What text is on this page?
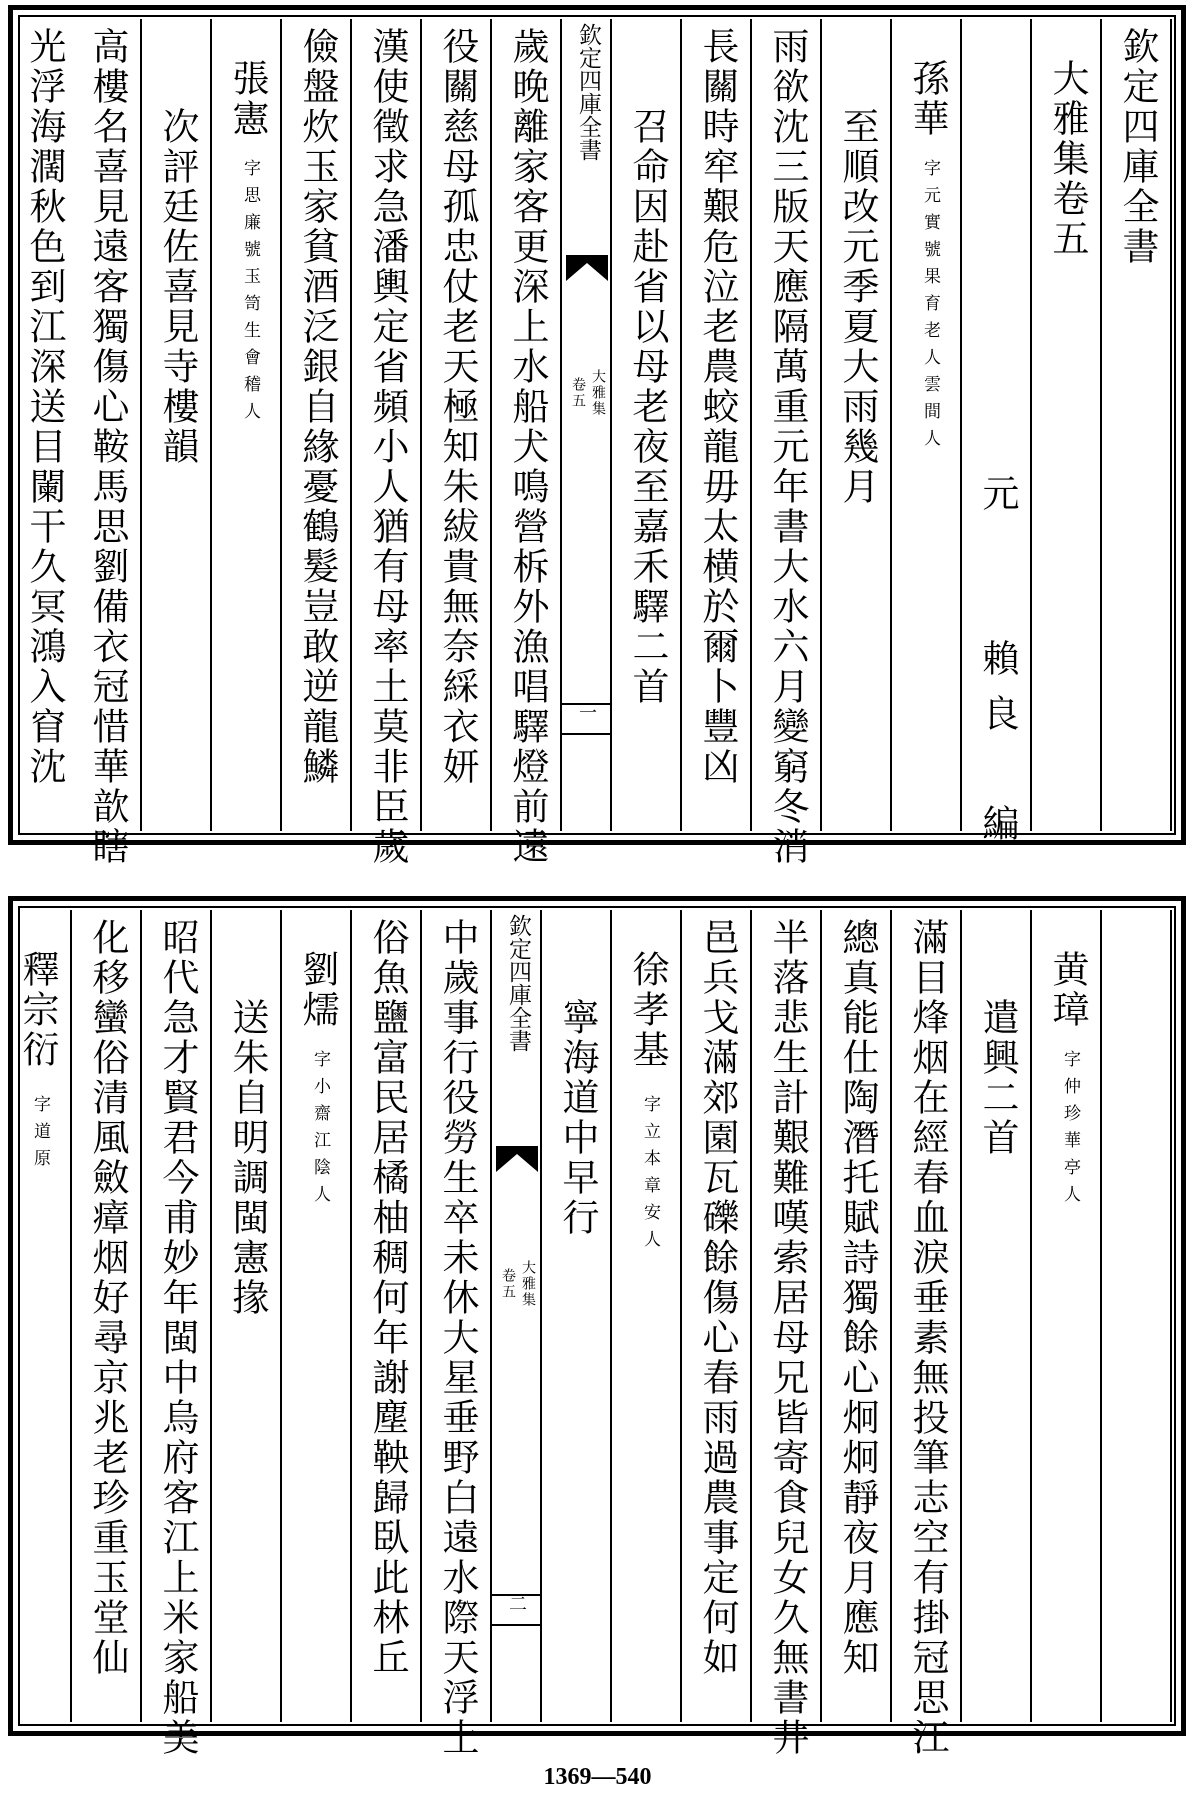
欽定四庫全書
大雅集卷五
元　　賴良　編
孫華
字元實號果育老人雲間人
至順改元季夏大雨幾月
雨欲沈三版天應隔萬重元年書大水六月變窮冬消
長關時窂艱危泣老農蛟龍毋太横於爾卜豐凶
召命因赴省以母老夜至嘉禾驛二首
欽定四庫全書
大雅集
卷五
一
歲晚離家客更深上水船犬鳴營柝外漁唱驛燈前遠
役關慈母孤忠仗老天極知朱紱貴無奈綵衣妍
漢使徵求急潘輿定省頻小人猶有母率土莫非臣歲
儉盤炊玉家貧酒泛銀自緣憂鶴髮豈敢逆龍鱗
張憲
字思廉號玉笥生會稽人
次評廷佐喜見寺樓韻
高樓名喜見遠客獨傷心鞍馬思劉備衣冠惜華歆瞎
光浮海濶秋色到江深送目闌干久冥鴻入窅沈
黄璋
字仲珍華亭人
遣興二首
滿目烽烟在經春血淚垂素無投筆志空有掛冠思江
總真能仕陶潛托賦詩獨餘心炯炯靜夜月應知
半落悲生計艱難嘆索居母兄皆寄食兒女久無書井
邑兵戈滿郊園瓦礫餘傷心春雨過農事定何如
徐孝基
字立本章安人
寧海道中早行
欽定四庫全書
大雅集
卷五
二
中歲事行役勞生卒未休大星垂野白遠水際天浮土
俗魚鹽富民居橘柚稠何年謝塵鞅歸臥此林丘
劉燸
字小齋江陰人
送朱自明調閩憲掾
昭代急才賢君今甫妙年閩中烏府客江上米家船美
化移蠻俗清風斂瘴烟好尋京兆老珍重玉堂仙
釋宗衍
字道原
1369—540
